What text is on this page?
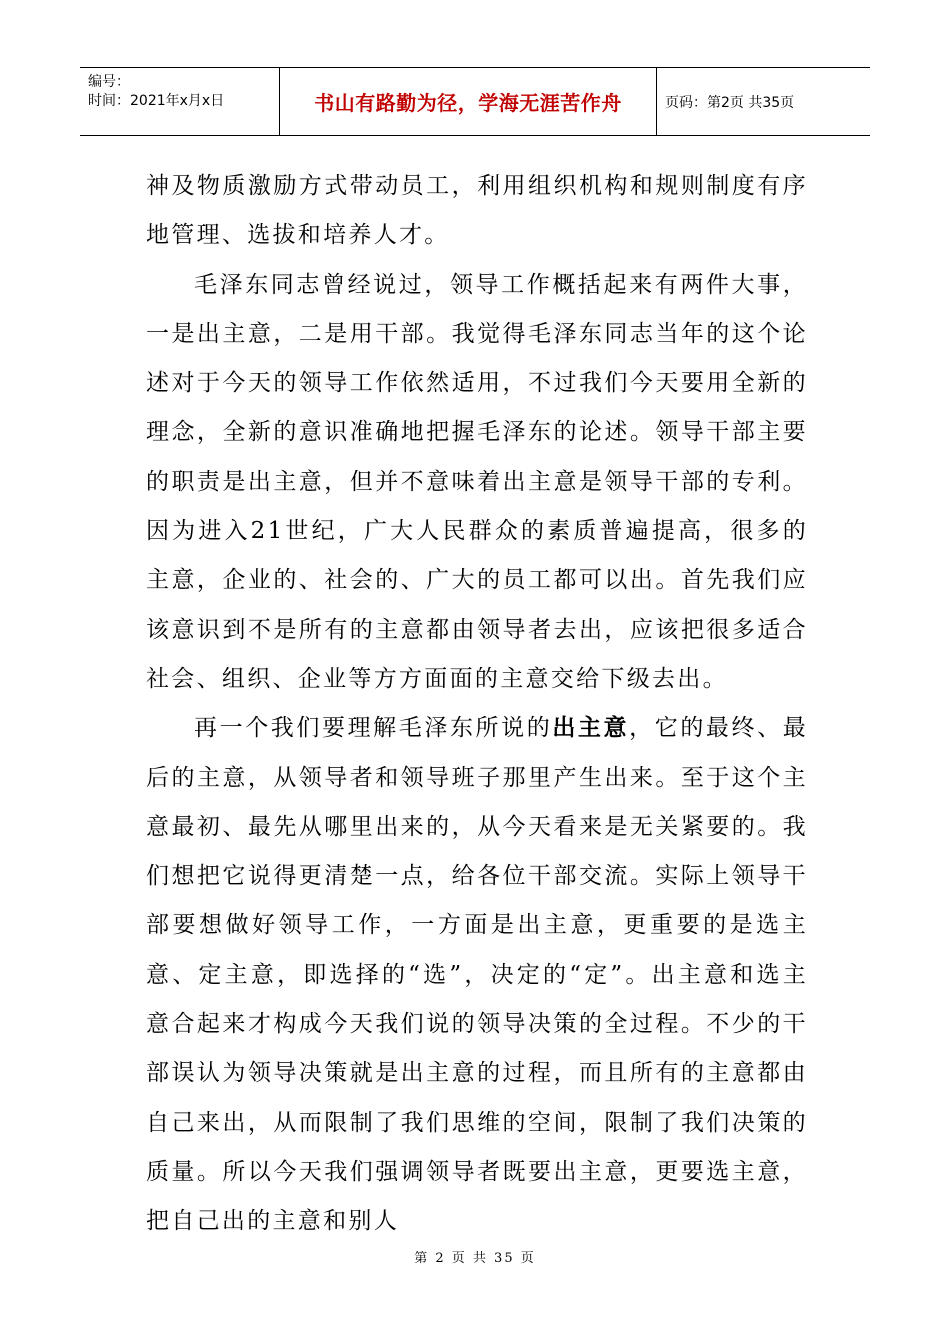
编号：
时间：2021年x月x日	书山有路勤为径，学海无涯苦作舟	页码：第2页 共35页

神及物质激励方式带动员工，利用组织机构和规则制度有序地管理、选拔和培养人才。

毛泽东同志曾经说过，领导工作概括起来有两件大事，一是出主意，二是用干部。我觉得毛泽东同志当年的这个论述对于今天的领导工作依然适用，不过我们今天要用全新的理念，全新的意识准确地把握毛泽东的论述。领导干部主要的职责是出主意，但并不意味着出主意是领导干部的专利。因为进入21世纪，广大人民群众的素质普遍提高，很多的主意，企业的、社会的、广大的员工都可以出。首先我们应该意识到不是所有的主意都由领导者去出，应该把很多适合社会、组织、企业等方方面面的主意交给下级去出。

再一个我们要理解毛泽东所说的出主意，它的最终、最后的主意，从领导者和领导班子那里产生出来。至于这个主意最初、最先从哪里出来的，从今天看来是无关紧要的。我们想把它说得更清楚一点，给各位干部交流。实际上领导干部要想做好领导工作，一方面是出主意，更重要的是选主意、定主意，即选择的“选”，决定的“定”。出主意和选主意合起来才构成今天我们说的领导决策的全过程。不少的干部误认为领导决策就是出主意的过程，而且所有的主意都由自己来出，从而限制了我们思维的空间，限制了我们决策的质量。所以今天我们强调领导者既要出主意，更要选主意，把自己出的主意和别人

第 2 页 共 35 页
